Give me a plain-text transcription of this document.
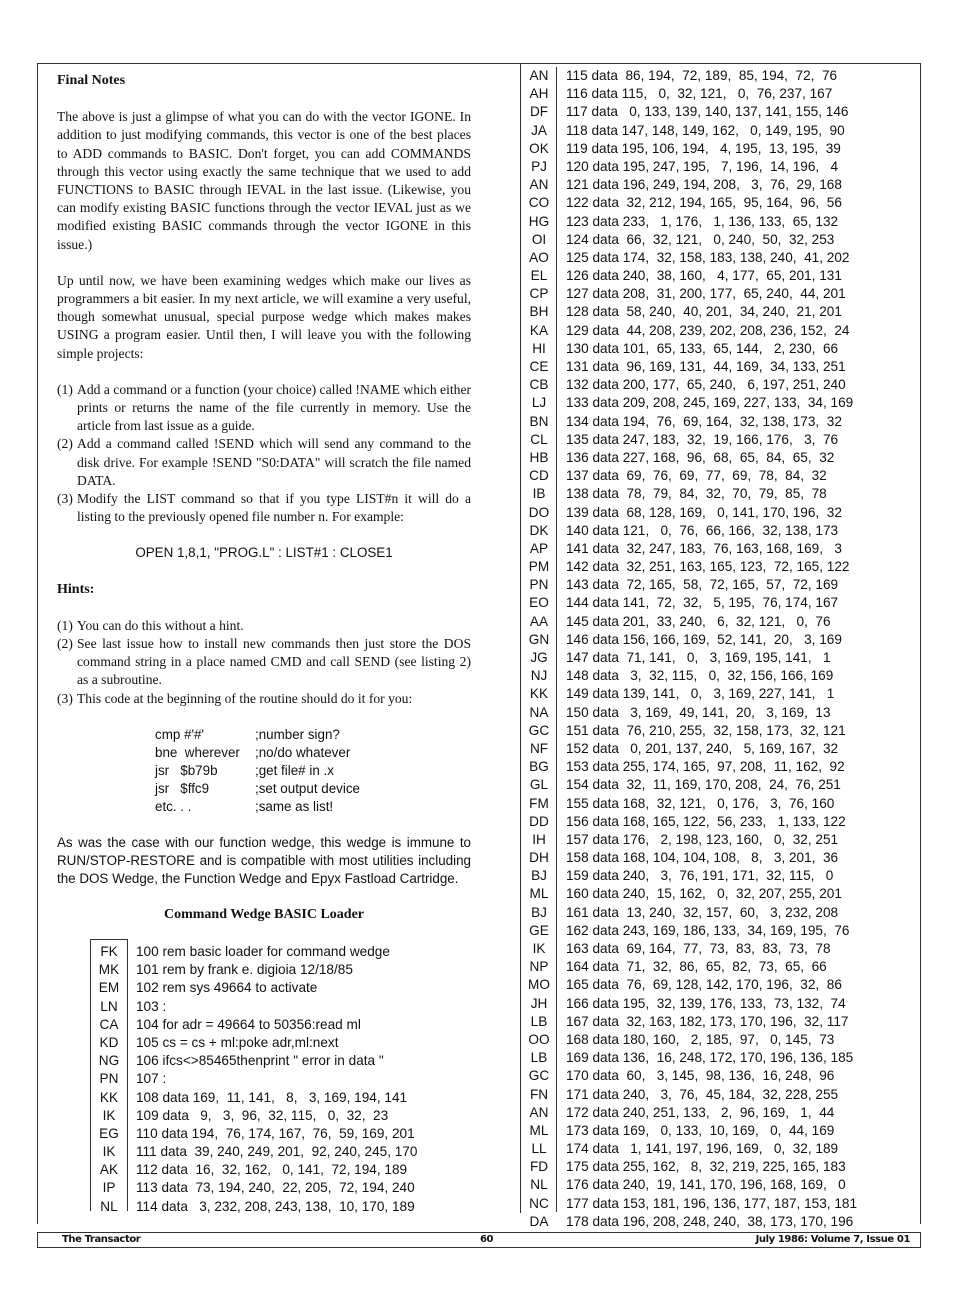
Final Notes

The above is just a glimpse of what you can do with the vector IGONE. In addition to just modifying commands, this vector is one of the best places to ADD commands to BASIC. Don't forget, you can add COMMANDS through this vector using exactly the same technique that we used to add FUNCTIONS to BASIC through IEVAL in the last issue. (Likewise, you can modify existing BASIC functions through the vector IEVAL just as we modified existing BASIC commands through the vector IGONE in this issue.)

Up until now, we have been examining wedges which make our lives as programmers a bit easier. In my next article, we will examine a very useful, though somewhat unusual, special purpose wedge which makes makes USING a program easier. Until then, I will leave you with the following simple projects:

(1) Add a command or a function (your choice) called !NAME which either prints or returns the name of the file currently in memory. Use the article from last issue as a guide.
(2) Add a command called !SEND which will send any command to the disk drive. For example !SEND "S0:DATA" will scratch the file named DATA.
(3) Modify the LIST command so that if you type LIST#n it will do a listing to the previously opened file number n. For example:

OPEN 1,8,1, "PROG.L" : LIST#1 : CLOSE1

Hints:

(1) You can do this without a hint.
(2) See last issue how to install new commands then just store the DOS command string in a place named CMD and call SEND (see listing 2) as a subroutine.
(3) This code at the beginning of the routine should do it for you:
cmp #'#'	;number sign?
bne  wherever	;no/do whatever
jsr   $b79b	;get file# in .x
jsr   $ffc9	;set output device
etc. . .	;same as list!

As was the case with our function wedge, this wedge is immune to RUN/STOP-RESTORE and is compatible with most utilities including the DOS Wedge, the Function Wedge and Epyx Fastload Cartridge.

Command Wedge BASIC Loader

FK	100 rem basic loader for command wedge
MK	101 rem by frank e. digioia 12/18/85
EM	102 rem sys 49664 to activate
LN	103 :
CA	104 for adr = 49664 to 50356:read ml
KD	105 cs = cs + ml:poke adr,ml:next
NG	106 ifcs<>85465thenprint " error in data "
PN	107 :
KK	108 data 169,  11, 141,   8,   3, 169, 194, 141
IK	109 data   9,   3,  96,  32, 115,   0,  32,  23
EG	110 data 194,  76, 174, 167,  76,  59, 169, 201
IK	111 data  39, 240, 249, 201,  92, 240, 245, 170
AK	112 data  16,  32, 162,   0, 141,  72, 194, 189
IP	113 data  73, 194, 240,  22, 205,  72, 194, 240
NL	114 data   3, 232, 208, 243, 138,  10, 170, 189
AN	115 data  86, 194,  72, 189,  85, 194,  72,  76
AH	116 data 115,   0,  32, 121,   0,  76, 237, 167
DF	117 data   0, 133, 139, 140, 137, 141, 155, 146
JA	118 data 147, 148, 149, 162,   0, 149, 195,  90
OK	119 data 195, 106, 194,   4, 195,  13, 195,  39
PJ	120 data 195, 247, 195,   7, 196,  14, 196,   4
AN	121 data 196, 249, 194, 208,   3,  76,  29, 168
CO	122 data  32, 212, 194, 165,  95, 164,  96,  56
HG	123 data 233,   1, 176,   1, 136, 133,  65, 132
OI	124 data  66,  32, 121,   0, 240,  50,  32, 253
AO	125 data 174,  32, 158, 183, 138, 240,  41, 202
EL	126 data 240,  38, 160,   4, 177,  65, 201, 131
CP	127 data 208,  31, 200, 177,  65, 240,  44, 201
BH	128 data  58, 240,  40, 201,  34, 240,  21, 201
KA	129 data  44, 208, 239, 202, 208, 236, 152,  24
HI	130 data 101,  65, 133,  65, 144,   2, 230,  66
CE	131 data  96, 169, 131,  44, 169,  34, 133, 251
CB	132 data 200, 177,  65, 240,   6, 197, 251, 240
LJ	133 data 209, 208, 245, 169, 227, 133,  34, 169
BN	134 data 194,  76,  69, 164,  32, 138, 173,  32
CL	135 data 247, 183,  32,  19, 166, 176,   3,  76
HB	136 data 227, 168,  96,  68,  65,  84,  65,  32
CD	137 data  69,  76,  69,  77,  69,  78,  84,  32
IB	138 data  78,  79,  84,  32,  70,  79,  85,  78
DO	139 data  68, 128, 169,   0, 141, 170, 196,  32
DK	140 data 121,   0,  76,  66, 166,  32, 138, 173
AP	141 data  32, 247, 183,  76, 163, 168, 169,   3
PM	142 data  32, 251, 163, 165, 123,  72, 165, 122
PN	143 data  72, 165,  58,  72, 165,  57,  72, 169
EO	144 data 141,  72,  32,   5, 195,  76, 174, 167
AA	145 data 201,  33, 240,   6,  32, 121,   0,  76
GN	146 data 156, 166, 169,  52, 141,  20,   3, 169
JG	147 data  71, 141,   0,   3, 169, 195, 141,   1
NJ	148 data   3,  32, 115,   0,  32, 156, 166, 169
KK	149 data 139, 141,   0,   3, 169, 227, 141,   1
NA	150 data   3, 169,  49, 141,  20,   3, 169,  13
GC	151 data  76, 210, 255,  32, 158, 173,  32, 121
NF	152 data   0, 201, 137, 240,   5, 169, 167,  32
BG	153 data 255, 174, 165,  97, 208,  11, 162,  92
GL	154 data  32,  11, 169, 170, 208,  24,  76, 251
FM	155 data 168,  32, 121,   0, 176,   3,  76, 160
DD	156 data 168, 165, 122,  56, 233,   1, 133, 122
IH	157 data 176,   2, 198, 123, 160,   0,  32, 251
DH	158 data 168, 104, 104, 108,   8,   3, 201,  36
BJ	159 data 240,   3,  76, 191, 171,  32, 115,   0
ML	160 data 240,  15, 162,   0,  32, 207, 255, 201
BJ	161 data  13, 240,  32, 157,  60,   3, 232, 208
GE	162 data 243, 169, 186, 133,  34, 169, 195,  76
IK	163 data  69, 164,  77,  73,  83,  83,  73,  78
NP	164 data  71,  32,  86,  65,  82,  73,  65,  66
MO	165 data  76,  69, 128, 142, 170, 196,  32,  86
JH	166 data 195,  32, 139, 176, 133,  73, 132,  74
LB	167 data  32, 163, 182, 173, 170, 196,  32, 117
OO	168 data 180, 160,   2, 185,  97,   0, 145,  73
LB	169 data 136,  16, 248, 172, 170, 196, 136, 185
GC	170 data  60,   3, 145,  98, 136,  16, 248,  96
FN	171 data 240,   3,  76,  45, 184,  32, 228, 255
AN	172 data 240, 251, 133,   2,  96, 169,   1,  44
ML	173 data 169,   0, 133,  10, 169,   0,  44, 169
LL	174 data   1, 141, 197, 196, 169,   0,  32, 189
FD	175 data 255, 162,   8,  32, 219, 225, 165, 183
NL	176 data 240,  19, 141, 170, 196, 168, 169,   0
NC	177 data 153, 181, 196, 136, 177, 187, 153, 181
DA	178 data 196, 208, 248, 240,  38, 173, 170, 196
The Transactor	60	July 1986: Volume 7, Issue 01
